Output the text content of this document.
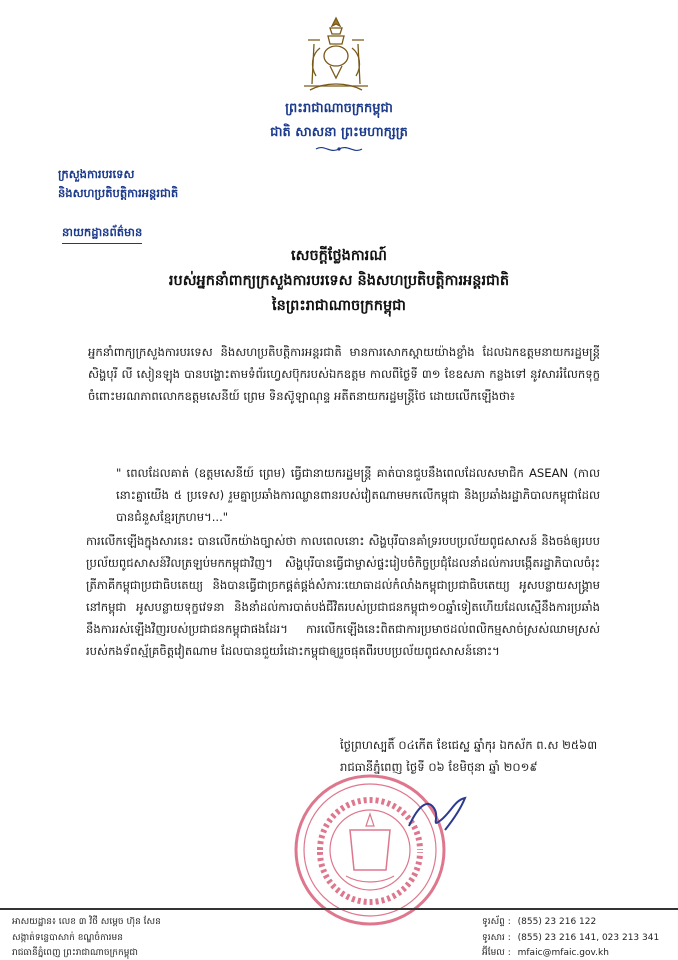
ព្រះរាជាណាចក្រកម្ពុជា
ជាតិ សាសនា ព្រះមហាក្សត្រ
ក្រសួងការបរទេស
និងសហប្រតិបត្តិការអន្តរជាតិ
នាយកដ្ឋានព័ត៌មាន
សេចក្តីថ្លែងការណ៍
របស់អ្នកនាំពាក្យក្រសួងការបរទេស និងសហប្រតិបត្តិការអន្តរជាតិ
នៃព្រះរាជាណាចក្រកម្ពុជា

អ្នកនាំពាក្យក្រសួងការបរទេស និងសហប្រតិបត្តិការអន្តរជាតិ មានការសោកស្តាយយ៉ាងខ្លាំង ដែលឯកឧត្តមនាយករដ្ឋមន្ត្រីសិង្ហបុរី លី សៀនឡុង បានបង្ហោះតាមទំព័រហ្វេសប៊ុករបស់ឯកឧត្តម កាលពីថ្ងៃទី ៣១ ខែឧសភា កន្លងទៅ នូវសាររំលែកទុក្ខចំពោះមរណភាពលោកឧត្តមសេនីយ៍ ព្រេម ទិនស៊ូឡាណុន្ទ អតីតនាយករដ្ឋមន្ត្រីថៃ ដោយលើកឡើងថា៖

" ពេលដែលគាត់ (ឧត្តមសេនីយ៍ ព្រេម) ធ្វើជានាយករដ្ឋមន្ត្រី គាត់បានជួបនឹងពេលដែលសមាជិក ASEAN (កាលនោះគ្នាយើង ៥ ប្រទេស) រួមគ្នាប្រឆាំងការឈ្លានពានរបស់វៀតណាមមកលើកម្ពុជា និងប្រឆាំងរដ្ឋាភិបាលកម្ពុជាដែលបានជំនួសខ្មែរក្រហម។..."

ការលើកឡើងក្នុងសារនេះ បានលើកយ៉ាងច្បាស់ថា កាលពេលនោះ សិង្ហបុរីបានគាំទ្ររបបប្រល័យពូជសាសន៍ និងចង់ឲ្យរបបប្រល័យពូជសាសន៍វិលត្រឡប់មកកម្ពុជាវិញ។ សិង្ហបុរីបានធ្វើជាម្ចាស់ផ្ទះរៀបចំកិច្ចប្រជុំដែលនាំដល់ការបង្កើតរដ្ឋាភិបាលចំរុះត្រីភាគីកម្ពុជាប្រជាធិបតេយ្យ និងបានធ្វើជាច្រកផ្គត់ផ្គង់សំភារៈយោធាដល់កំលាំងកម្ពុជាប្រជាធិបតេយ្យ អូសបន្លាយសង្គ្រាមនៅកម្ពុជា អូសបន្លាយទុក្ខវេទនា និងនាំដល់ការបាត់បង់ជីវិតរបស់ប្រជាជនកម្ពុជា១០ឆ្នាំទៀតហើយដែលស្មើនឹងការប្រឆាំងនឹងការរស់ឡើងវិញរបស់ប្រជាជនកម្ពុជាផងដែរ។ ការលើកឡើងនេះពិតជាការប្រមាថដល់ពលិកម្មសាច់ស្រស់ឈាមស្រស់របស់កងទ័ពស្ម័គ្រចិត្តវៀតណាម ដែលបានជួយរំដោះកម្ពុជាឲ្យរួចផុតពីរបបប្រល័យពូជសាសន៍នោះ។

ថ្ងៃព្រហស្បតិ៍ ០៤កើត ខែជេស្ឋ ឆ្នាំកុរ ឯកស័ក ព.ស ២៥៦៣
រាជធានីភ្នំពេញ ថ្ងៃទី ០៦ ខែមិថុនា ឆ្នាំ ២០១៩
អាសយដ្ឋាន៖ លេខ ៣ វិថី សម្តេច ហ៊ុន សែន
សង្កាត់ទន្លេបាសាក់ ខណ្ឌចំការមន
រាជធានីភ្នំពេញ ព្រះរាជាណាចក្រកម្ពុជា
ទូរស័ព្ទ : (855) 23 216 122
ទូរសារ : (855) 23 216 141, 023 213 341
អ៊ីមែល : mfaic@mfaic.gov.kh
